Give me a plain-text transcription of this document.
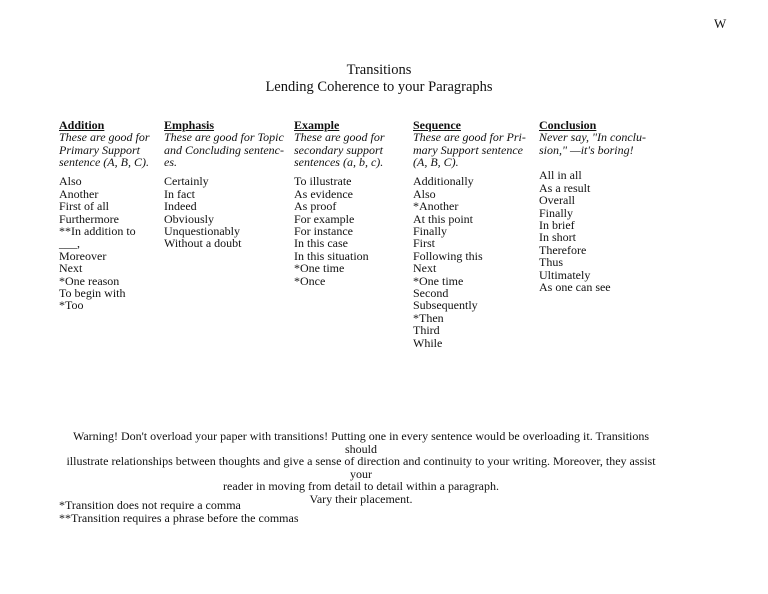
W
Transitions
Lending Coherence to your Paragraphs
Addition
These are good for
Primary Support
sentence (A, B, C).
Also
Another
First of all
Furthermore
**In addition to
___,
Moreover
Next
*One reason
To begin with
*Too
Emphasis
These are good for Topic
and Concluding sentenc-
es.
Certainly
In fact
Indeed
Obviously
Unquestionably
Without a doubt
Example
These are good for
secondary support
sentences (a, b, c).
To illustrate
As evidence
As proof
For example
For instance
In this case
In this situation
*One time
*Once
Sequence
These are good for Pri-
mary Support sentence
(A, B, C).
Additionally
Also
*Another
At this point
Finally
First
Following this
Next
*One time
Second
Subsequently
*Then
Third
While
Conclusion
Never say, "In conclu-
sion," —it's boring!
All in all
As a result
Overall
Finally
In brief
In short
Therefore
Thus
Ultimately
As one can see
Warning! Don't overload your paper with transitions! Putting one in every sentence would be overloading it. Transitions should
illustrate relationships between thoughts and give a sense of direction and continuity to your writing. Moreover, they assist your
reader in moving from detail to detail within a paragraph.
Vary their placement.
*Transition does not require a comma
**Transition requires a phrase before the commas
